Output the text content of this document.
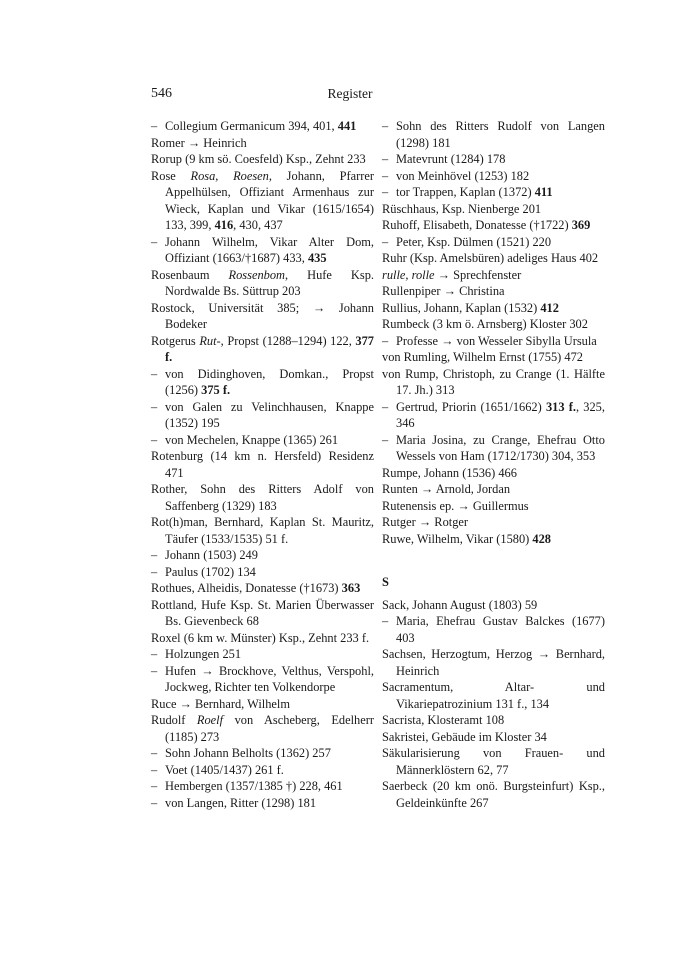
546	Register

– Collegium Germanicum 394, 401, 441

Romer → Heinrich

Rorup (9 km sö. Coesfeld) Ksp., Zehnt 233

Rose Rosa, Roesen, Johann, Pfarrer Appelhülsen, Offiziant Armenhaus zur Wieck, Kaplan und Vikar (1615/1654) 133, 399, 416, 430, 437

– Johann Wilhelm, Vikar Alter Dom, Offiziant (1663/†1687) 433, 435

Rosenbaum Rossenbom, Hufe Ksp. Nordwalde Bs. Süttrup 203

Rostock, Universität 385; → Johann Bodeker

Rotgerus Rut-, Propst (1288–1294) 122, 377 f.

– von Didinghoven, Domkan., Propst (1256) 375 f.

– von Galen zu Velinchhausen, Knappe (1352) 195

– von Mechelen, Knappe (1365) 261

Rotenburg (14 km n. Hersfeld) Residenz 471

Rother, Sohn des Ritters Adolf von Saffenberg (1329) 183

Rot(h)man, Bernhard, Kaplan St. Mauritz, Täufer (1533/1535) 51 f.

– Johann (1503) 249

– Paulus (1702) 134

Rothues, Alheidis, Donatesse (†1673) 363

Rottland, Hufe Ksp. St. Marien Überwasser Bs. Gievenbeck 68

Roxel (6 km w. Münster) Ksp., Zehnt 233 f.

– Holzungen 251

– Hufen → Brockhove, Velthus, Verspohl, Jockweg, Richter ten Volkendorpe

Ruce → Bernhard, Wilhelm

Rudolf Roelf von Ascheberg, Edelherr (1185) 273

– Sohn Johann Belholts (1362) 257

– Voet (1405/1437) 261 f.

– Hembergen (1357/1385 †) 228, 461

– von Langen, Ritter (1298) 181

– Sohn des Ritters Rudolf von Langen (1298) 181

– Matevrunt (1284) 178

– von Meinhövel (1253) 182

– tor Trappen, Kaplan (1372) 411

Rüschhaus, Ksp. Nienberge 201

Ruhoff, Elisabeth, Donatesse (†1722) 369

– Peter, Ksp. Dülmen (1521) 220

Ruhr (Ksp. Amelsbüren) adeliges Haus 402

rulle, rolle → Sprechfenster

Rullenpiper → Christina

Rullius, Johann, Kaplan (1532) 412

Rumbeck (3 km ö. Arnsberg) Kloster 302

– Professe → von Wesseler Sibylla Ursula

von Rumling, Wilhelm Ernst (1755) 472

von Rump, Christoph, zu Crange (1. Hälfte 17. Jh.) 313

– Gertrud, Priorin (1651/1662) 313 f., 325, 346

– Maria Josina, zu Crange, Ehefrau Otto Wessels von Ham (1712/1730) 304, 353

Rumpe, Johann (1536) 466

Runten → Arnold, Jordan

Rutenensis ep. → Guillermus

Rutger → Rotger

Ruwe, Wilhelm, Vikar (1580) 428

S

Sack, Johann August (1803) 59

– Maria, Ehefrau Gustav Balckes (1677) 403

Sachsen, Herzogtum, Herzog → Bernhard, Heinrich

Sacramentum, Altar- und Vikariepatrozinium 131 f., 134

Sacrista, Klosteramt 108

Sakristei, Gebäude im Kloster 34

Säkularisierung von Frauen- und Männerklöstern 62, 77

Saerbeck (20 km onö. Burgsteinfurt) Ksp., Geldeinkünfte 267
